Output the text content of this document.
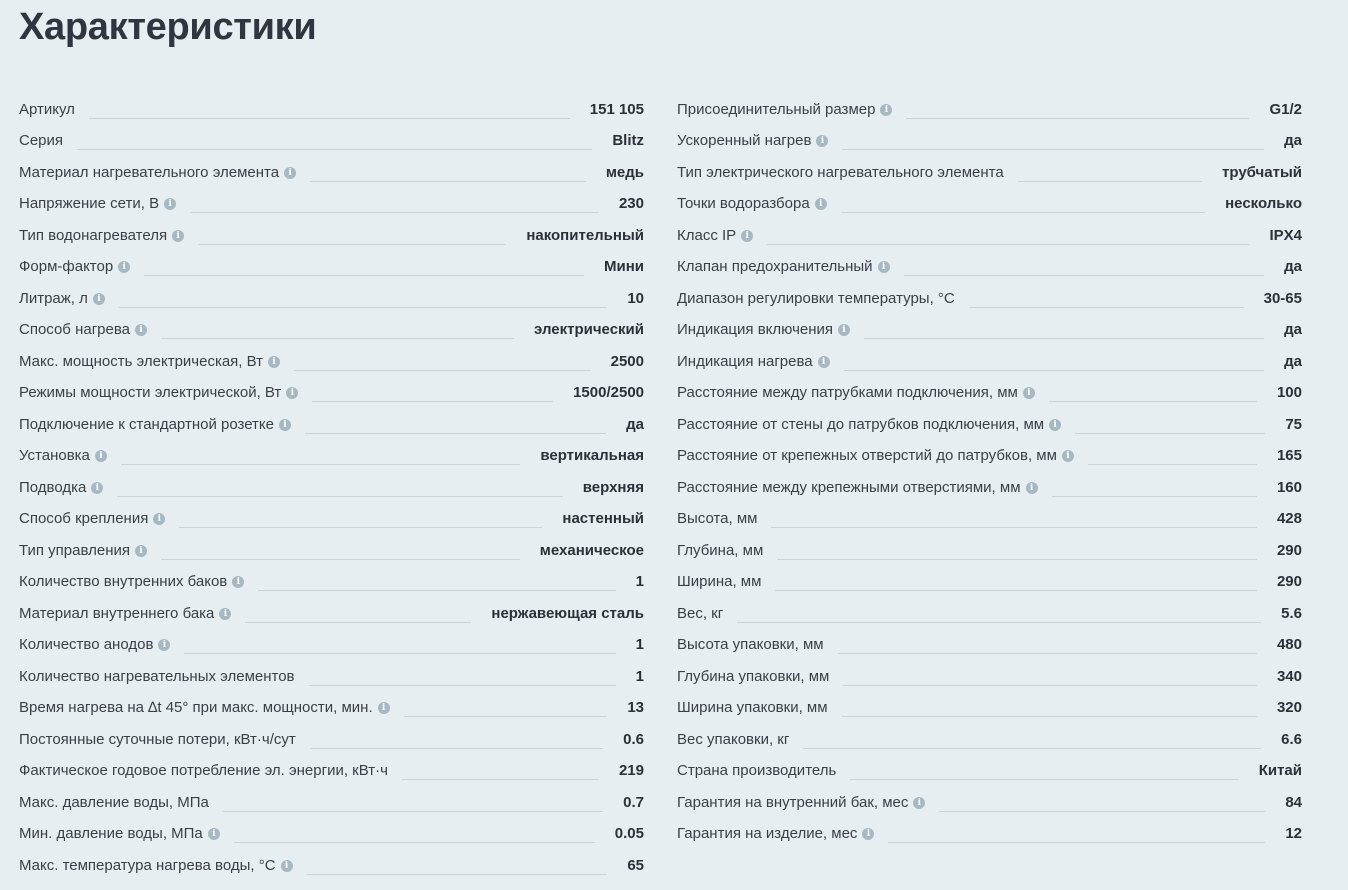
Характеристики
Артикул	151 105
Серия	Blitz
Материал нагревательного элемента	i	медь
Напряжение сети, В	i	230
Тип водонагревателя	i	накопительный
Форм-фактор	i	Мини
Литраж, л	i	10
Способ нагрева	i	электрический
Макс. мощность электрическая, Вт	i	2500
Режимы мощности электрической, Вт	i	1500/2500
Подключение к стандартной розетке	i	да
Установка	i	вертикальная
Подводка	i	верхняя
Способ крепления	i	настенный
Тип управления	i	механическое
Количество внутренних баков	i	1
Материал внутреннего бака	i	нержавеющая сталь
Количество анодов	i	1
Количество нагревательных элементов	1
Время нагрева на ∆t 45° при макс. мощности, мин.	i	13
Постоянные суточные потери, кВт·ч/сут	0.6
Фактическое годовое потребление эл. энергии, кВт·ч	219
Макс. давление воды, МПа	0.7
Мин. давление воды, МПа	i	0.05
Макс. температура нагрева воды, °С	i	65
Присоединительный размер	i	G1/2
Ускоренный нагрев	i	да
Тип электрического нагревательного элемента	трубчатый
Точки водоразбора	i	несколько
Класс IP	i	IPX4
Клапан предохранительный	i	да
Диапазон регулировки температуры, °С	30-65
Индикация включения	i	да
Индикация нагрева	i	да
Расстояние между патрубками подключения, мм	i	100
Расстояние от стены до патрубков подключения, мм	i	75
Расстояние от крепежных отверстий до патрубков, мм	i	165
Расстояние между крепежными отверстиями, мм	i	160
Высота, мм	428
Глубина, мм	290
Ширина, мм	290
Вес, кг	5.6
Высота упаковки, мм	480
Глубина упаковки, мм	340
Ширина упаковки, мм	320
Вес упаковки, кг	6.6
Страна производитель	Китай
Гарантия на внутренний бак, мес	i	84
Гарантия на изделие, мес	i	12
